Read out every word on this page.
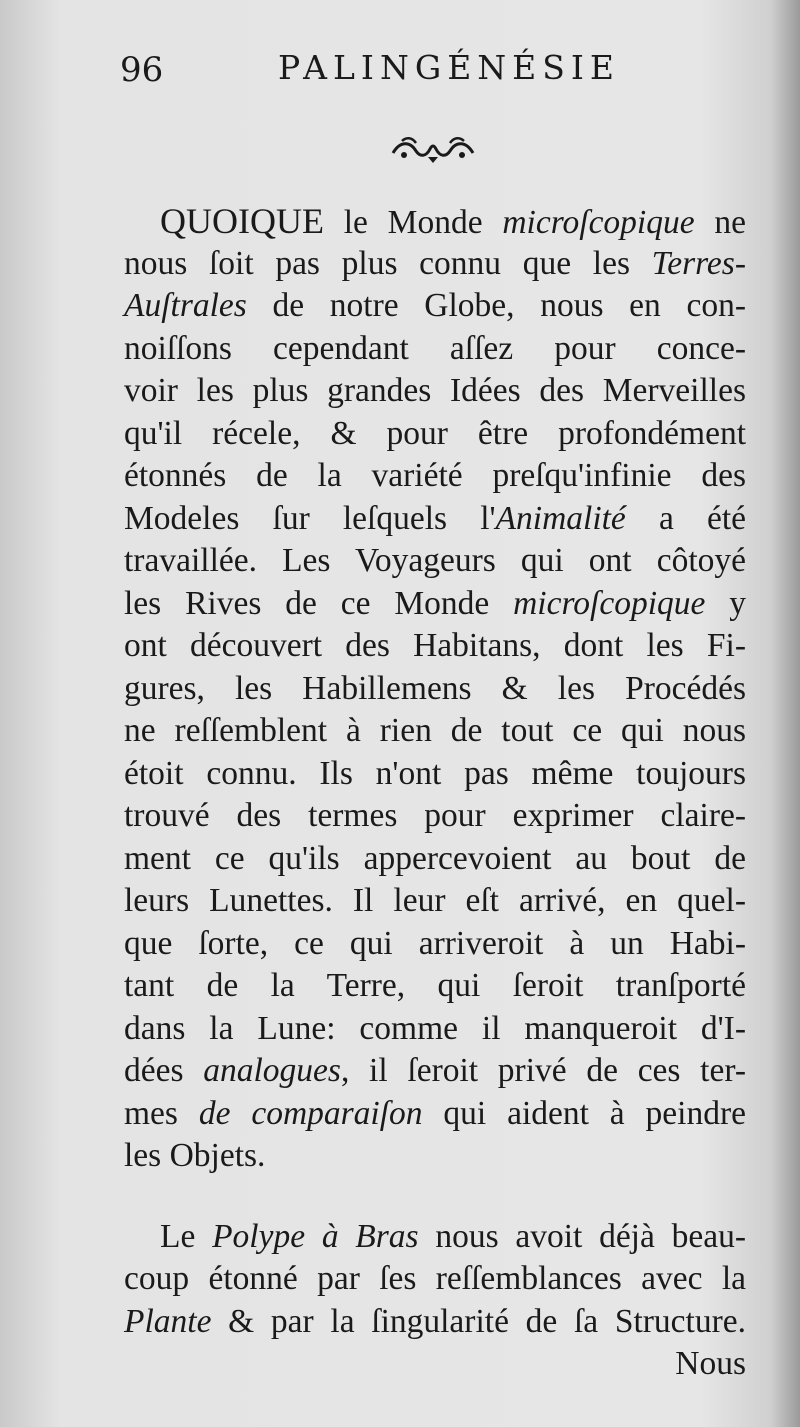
96	PALINGÉNÉSIE
QUOIQUE le Monde microſcopique ne
nous ſoit pas plus connu que les Terres-
Auſtrales de notre Globe, nous en con-
noiſſons cependant aſſez pour conce-
voir les plus grandes Idées des Merveilles
qu'il récele, & pour être profondément
étonnés de la variété preſqu'infinie des
Modeles ſur leſquels l'Animalité a été
travaillée. Les Voyageurs qui ont côtoyé
les Rives de ce Monde microſcopique y
ont découvert des Habitans, dont les Fi-
gures, les Habillemens & les Procédés
ne reſſemblent à rien de tout ce qui nous
étoit connu. Ils n'ont pas même toujours
trouvé des termes pour exprimer claire-
ment ce qu'ils appercevoient au bout de
leurs Lunettes. Il leur eſt arrivé, en quel-
que ſorte, ce qui arriveroit à un Habi-
tant de la Terre, qui ſeroit tranſporté
dans la Lune: comme il manqueroit d'I-
dées analogues, il ſeroit privé de ces ter-
mes de comparaiſon qui aident à peindre
les Objets.
Le Polype à Bras nous avoit déjà beau-
coup étonné par ſes reſſemblances avec la
Plante & par la ſingularité de ſa Structure.
Nous
